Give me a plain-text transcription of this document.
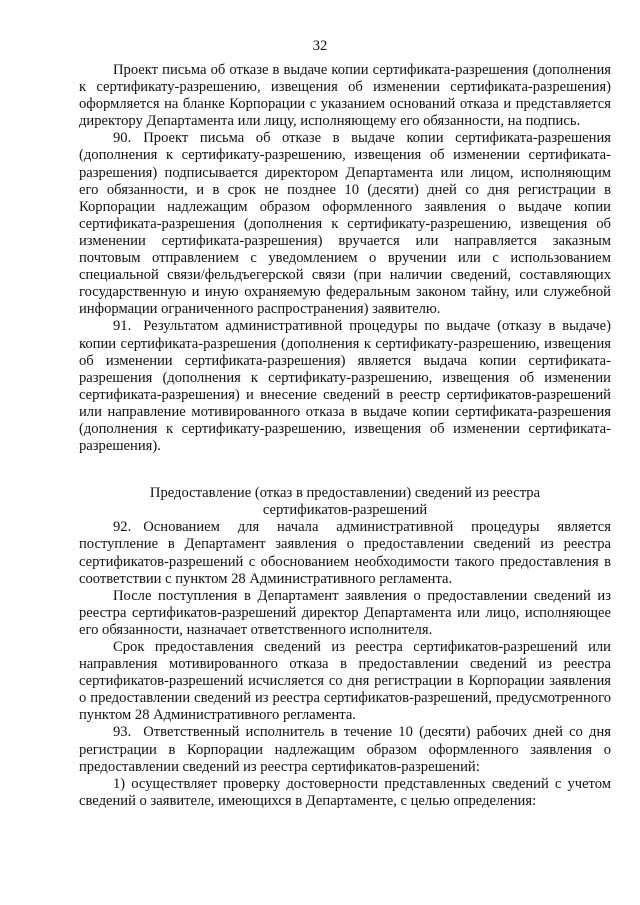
32

Проект письма об отказе в выдаче копии сертификата-разрешения (дополнения к сертификату-разрешению, извещения об изменении сертификата-разрешения) оформляется на бланке Корпорации с указанием оснований отказа и представляется директору Департамента или лицу, исполняющему его обязанности, на подпись.

90. Проект письма об отказе в выдаче копии сертификата-разрешения (дополнения к сертификату-разрешению, извещения об изменении сертификата-разрешения) подписывается директором Департамента или лицом, исполняющим его обязанности, и в срок не позднее 10 (десяти) дней со дня регистрации в Корпорации надлежащим образом оформленного заявления о выдаче копии сертификата-разрешения (дополнения к сертификату-разрешению, извещения об изменении сертификата-разрешения) вручается или направляется заказным почтовым отправлением с уведомлением о вручении или с использованием специальной связи/фельдъегерской связи (при наличии сведений, составляющих государственную и иную охраняемую федеральным законом тайну, или служебной информации ограниченного распространения) заявителю.

91. Результатом административной процедуры по выдаче (отказу в выдаче) копии сертификата-разрешения (дополнения к сертификату-разрешению, извещения об изменении сертификата-разрешения) является выдача копии сертификата-разрешения (дополнения к сертификату-разрешению, извещения об изменении сертификата-разрешения) и внесение сведений в реестр сертификатов-разрешений или направление мотивированного отказа в выдаче копии сертификата-разрешения (дополнения к сертификату-разрешению, извещения об изменении сертификата-разрешения).

Предоставление (отказ в предоставлении) сведений из реестра
сертификатов-разрешений

92. Основанием для начала административной процедуры является поступление в Департамент заявления о предоставлении сведений из реестра сертификатов-разрешений с обоснованием необходимости такого предоставления в соответствии с пунктом 28 Административного регламента.

После поступления в Департамент заявления о предоставлении сведений из реестра сертификатов-разрешений директор Департамента или лицо, исполняющее его обязанности, назначает ответственного исполнителя.

Срок предоставления сведений из реестра сертификатов-разрешений или направления мотивированного отказа в предоставлении сведений из реестра сертификатов-разрешений исчисляется со дня регистрации в Корпорации заявления о предоставлении сведений из реестра сертификатов-разрешений, предусмотренного пунктом 28 Административного регламента.

93. Ответственный исполнитель в течение 10 (десяти) рабочих дней со дня регистрации в Корпорации надлежащим образом оформленного заявления о предоставлении сведений из реестра сертификатов-разрешений:

1) осуществляет проверку достоверности представленных сведений с учетом сведений о заявителе, имеющихся в Департаменте, с целью определения:
